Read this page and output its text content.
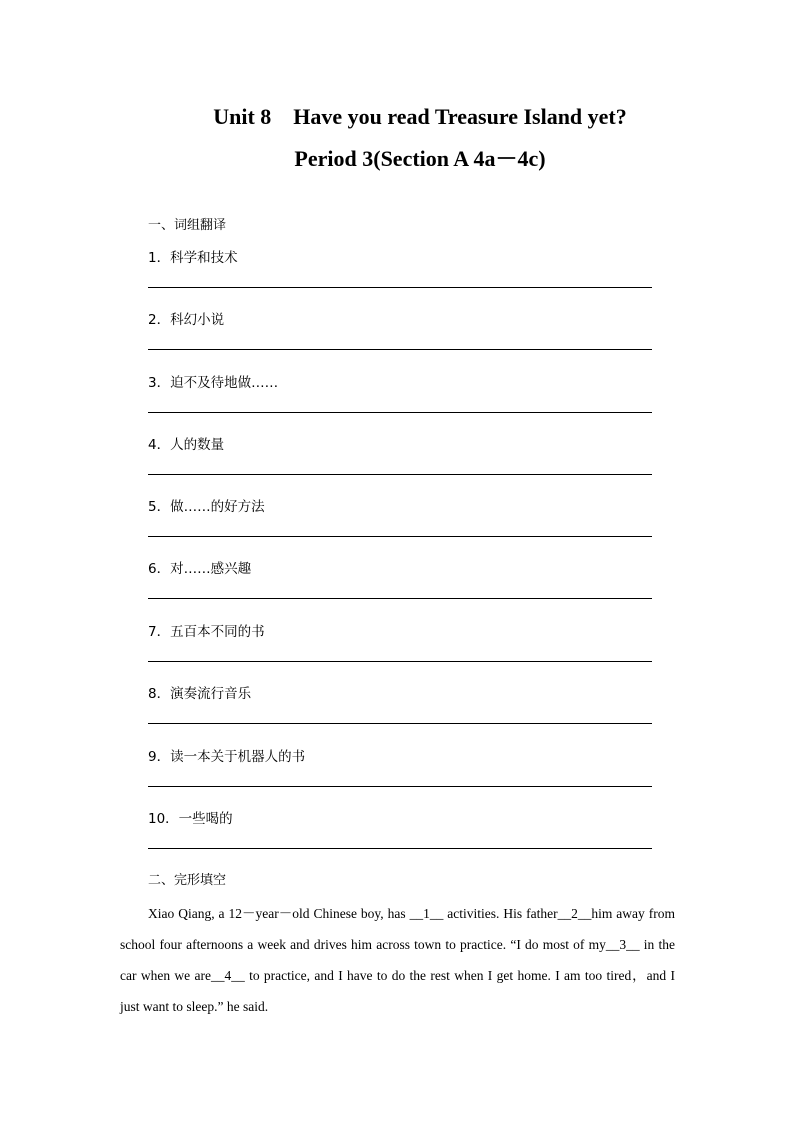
Unit 8 Have you read Treasure Island yet?
Period 3(Section A 4a－4c)
一、词组翻译
1．科学和技术
2．科幻小说
3．迫不及待地做……
4．人的数量
5．做……的好方法
6．对……感兴趣
7．五百本不同的书
8．演奏流行音乐
9．读一本关于机器人的书
10．一些喝的
二、完形填空

Xiao Qiang, a 12－year－old Chinese boy, has __1__ activities. His father__2__him away from school four afternoons a week and drives him across town to practice. “I do most of my__3__ in the car when we are__4__ to practice, and I have to do the rest when I get home. I am too tired，and I just want to sleep.” he said.
